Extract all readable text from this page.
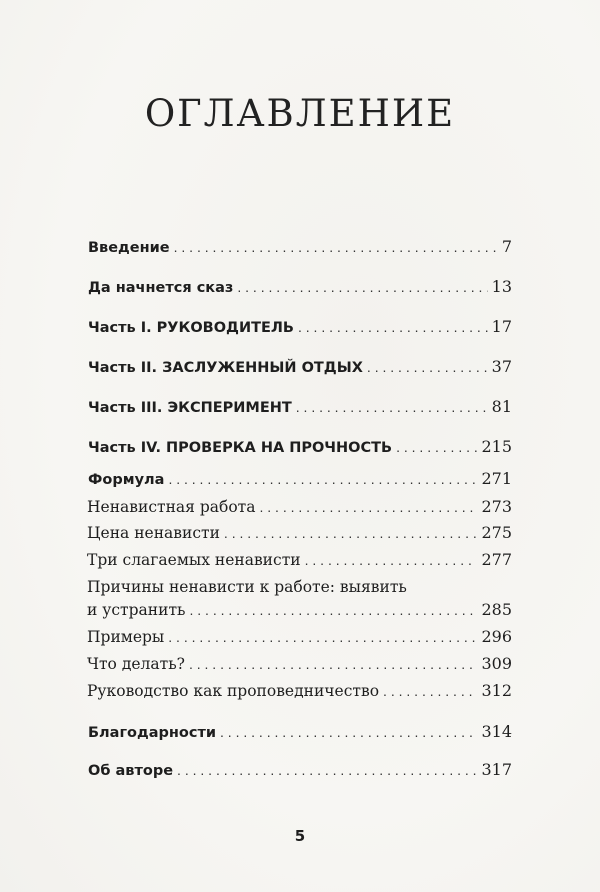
ОГЛАВЛЕНИЕ
Введение . . .	7
Да начнется сказ . . .	13
Часть I. РУКОВОДИТЕЛЬ . . .	17
Часть II. ЗАСЛУЖЕННЫЙ ОТДЫХ . . .	37
Часть III. ЭКСПЕРИМЕНТ . . .	81
Часть IV. ПРОВЕРКА НА ПРОЧНОСТЬ . . .	215
Формула . . .	271
Ненавистная работа . . .	273
Цена ненависти . . .	275
Три слагаемых ненависти . . .	277
Причины ненависти к работе: выявить
и устранить . . .	285
Примеры . . .	296
Что делать? . . .	309
Руководство как проповедничество . . .	312
Благодарности . . .	314
Об авторе . . .	317
5
